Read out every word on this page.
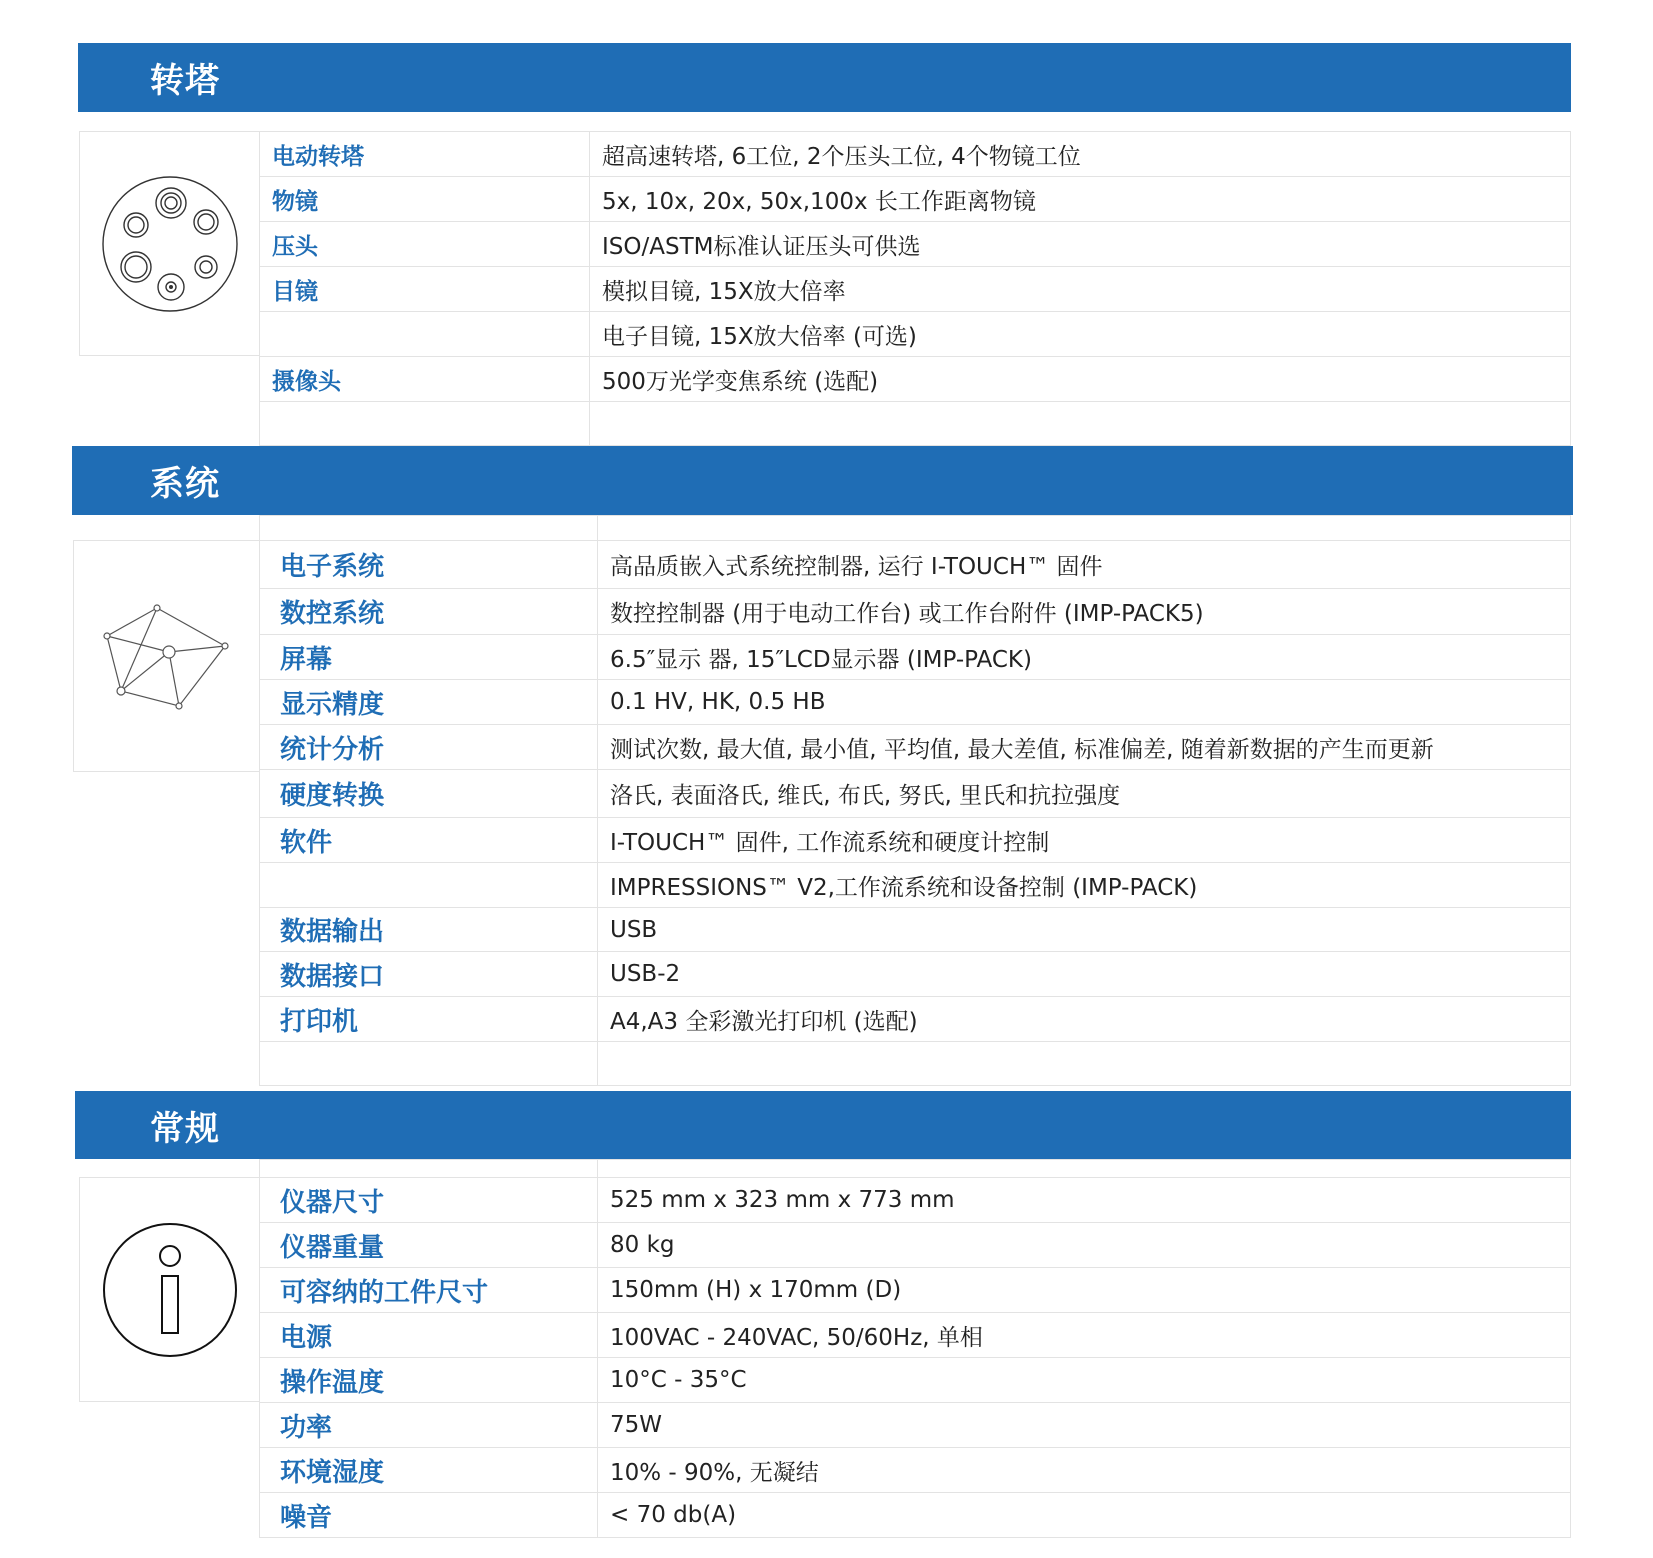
转塔
电动转塔	超高速转塔, 6工位, 2个压头工位, 4个物镜工位
物镜	5x, 10x, 20x, 50x,100x 长工作距离物镜
压头	ISO/ASTM标准认证压头可供选
目镜	模拟目镜, 15X放大倍率
	电子目镜, 15X放大倍率 (可选)
摄像头	500万光学变焦系统 (选配)

系统

电子系统	高品质嵌入式系统控制器, 运行 I-TOUCH™ 固件
数控系统	数控控制器 (用于电动工作台) 或工作台附件 (IMP-PACK5)
屏幕	6.5″显示 器, 15″LCD显示器 (IMP-PACK)
显示精度	0.1 HV, HK, 0.5 HB
统计分析	测试次数, 最大值, 最小值, 平均值, 最大差值, 标准偏差, 随着新数据的产生而更新
硬度转换	洛氏, 表面洛氏, 维氏, 布氏, 努氏, 里氏和抗拉强度
软件	I-TOUCH™ 固件, 工作流系统和硬度计控制
	IMPRESSIONS™ V2,工作流系统和设备控制 (IMP-PACK)
数据输出	USB
数据接口	USB-2
打印机	A4,A3 全彩激光打印机 (选配)

常规

仪器尺寸	525 mm x 323 mm x 773 mm
仪器重量	80 kg
可容纳的工件尺寸	150mm (H) x 170mm (D)
电源	100VAC - 240VAC, 50/60Hz, 单相
操作温度	10°C - 35°C
功率	75W
环境湿度	10% - 90%, 无凝结
噪音	< 70 db(A)
